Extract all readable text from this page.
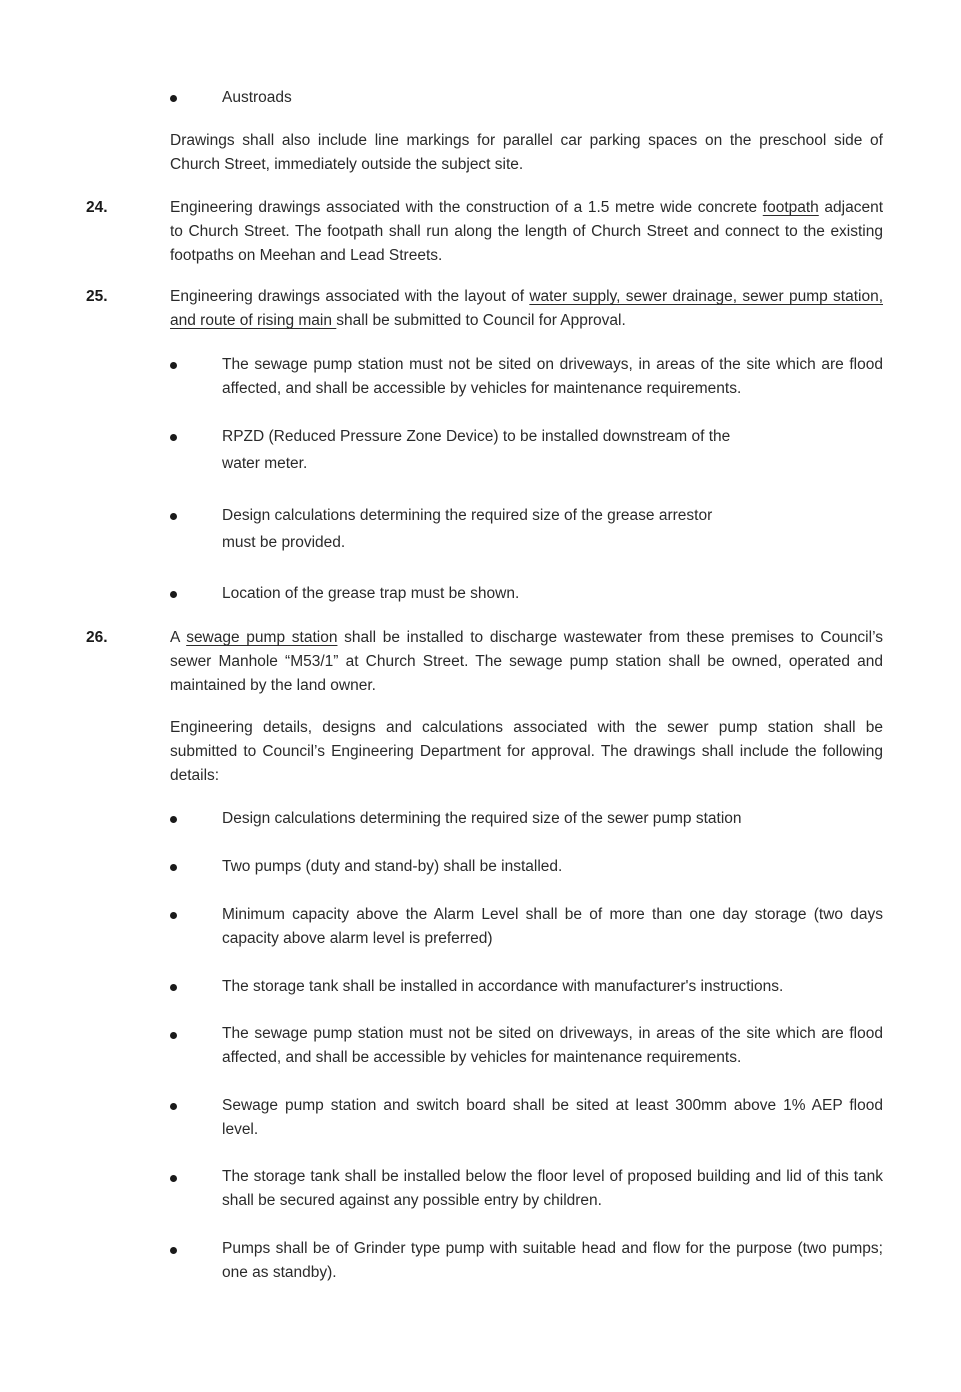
Austroads
Drawings shall also include line markings for parallel car parking spaces on the preschool side of Church Street, immediately outside the subject site.
24.	Engineering drawings associated with the construction of a 1.5 metre wide concrete footpath adjacent to Church Street. The footpath shall run along the length of Church Street and connect to the existing footpaths on Meehan and Lead Streets.
25.	Engineering drawings associated with the layout of water supply, sewer drainage, sewer pump station, and route of rising main shall be submitted to Council for Approval.
The sewage pump station must not be sited on driveways, in areas of the site which are flood affected, and shall be accessible by vehicles for maintenance requirements.
RPZD (Reduced Pressure Zone Device) to be installed downstream of the
water meter.
Design calculations determining the required size of the grease arrestor
must be provided.
Location of the grease trap must be shown.
26.	A sewage pump station shall be installed to discharge wastewater from these premises to Council’s sewer Manhole “M53/1” at Church Street. The sewage pump station shall be owned, operated and maintained by the land owner.
Engineering details, designs and calculations associated with the sewer pump station shall be submitted to Council’s Engineering Department for approval. The drawings shall include the following details:
Design calculations determining the required size of the sewer pump station
Two pumps (duty and stand-by) shall be installed.
Minimum capacity above the Alarm Level shall be of more than one day storage (two days capacity above alarm level is preferred)
The storage tank shall be installed in accordance with manufacturer's instructions.
The sewage pump station must not be sited on driveways, in areas of the site which are flood affected, and shall be accessible by vehicles for maintenance requirements.
Sewage pump station and switch board shall be sited at least 300mm above 1% AEP flood level.
The storage tank shall be installed below the floor level of proposed building and lid of this tank shall be secured against any possible entry by children.
Pumps shall be of Grinder type pump with suitable head and flow for the purpose (two pumps; one as standby).
